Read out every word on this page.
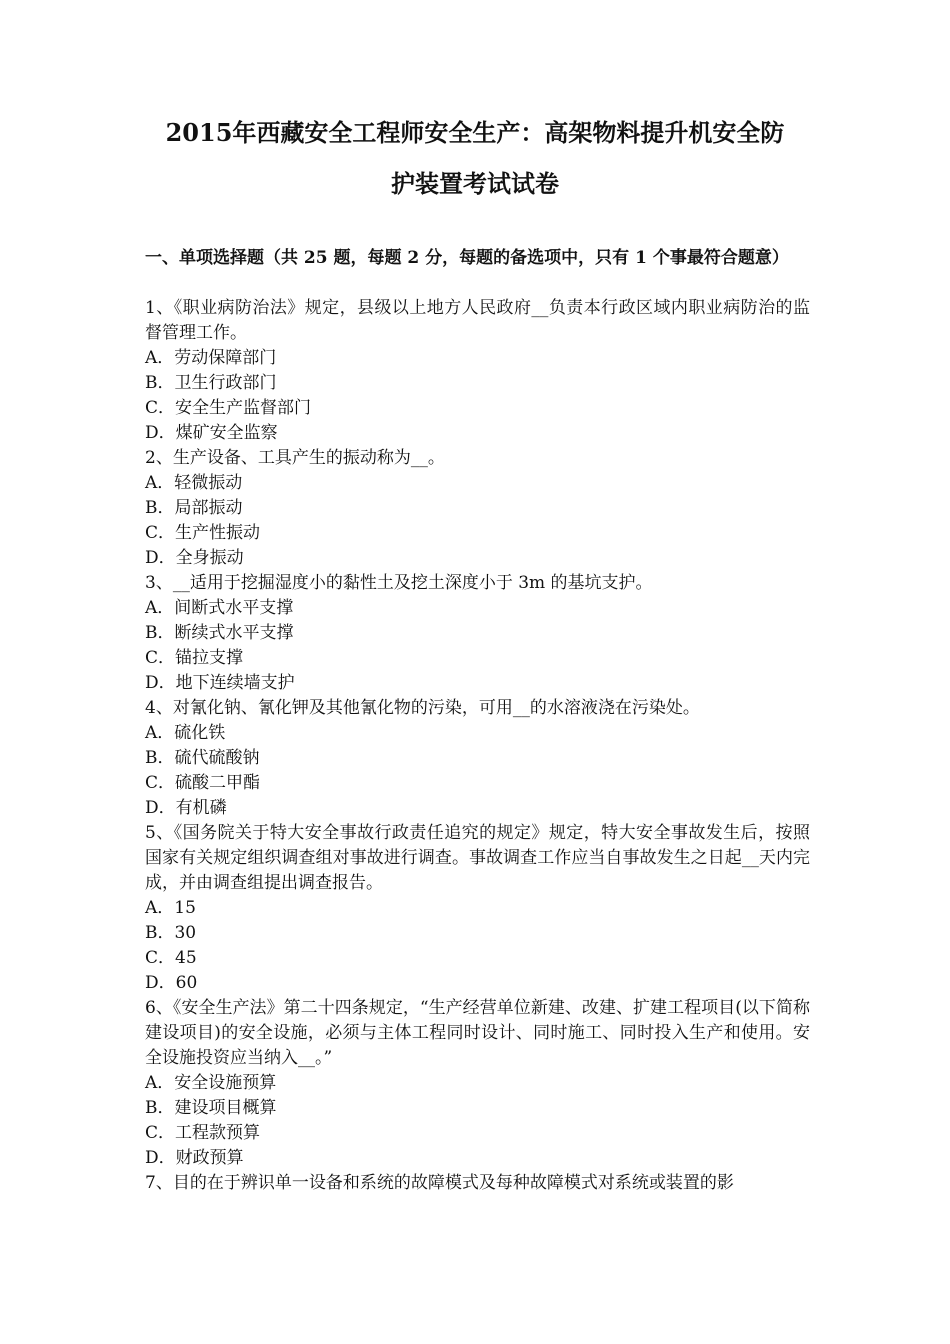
2015年西藏安全工程师安全生产：高架物料提升机安全防
护装置考试试卷
一、单项选择题（共 25 题，每题 2 分，每题的备选项中，只有 1 个事最符合题意）
1、《职业病防治法》规定，县级以上地方人民政府__负责本行政区域内职业病防治的监督管理工作。
A．劳动保障部门
B．卫生行政部门
C．安全生产监督部门
D．煤矿安全监察
2、生产设备、工具产生的振动称为__。
A．轻微振动
B．局部振动
C．生产性振动
D．全身振动
3、__适用于挖掘湿度小的黏性土及挖土深度小于 3m 的基坑支护。
A．间断式水平支撑
B．断续式水平支撑
C．锚拉支撑
D．地下连续墙支护
4、对氰化钠、氰化钾及其他氰化物的污染，可用__的水溶液浇在污染处。
A．硫化铁
B．硫代硫酸钠
C．硫酸二甲酯
D．有机磷
5、《国务院关于特大安全事故行政责任追究的规定》规定，特大安全事故发生后，按照国家有关规定组织调查组对事故进行调查。事故调查工作应当自事故发生之日起__天内完成，并由调查组提出调查报告。
A．15
B．30
C．45
D．60
6、《安全生产法》第二十四条规定，“生产经营单位新建、改建、扩建工程项目(以下简称建设项目)的安全设施，必须与主体工程同时设计、同时施工、同时投入生产和使用。安全设施投资应当纳入__。”
A．安全设施预算
B．建设项目概算
C．工程款预算
D．财政预算
7、目的在于辨识单一设备和系统的故障模式及每种故障模式对系统或装置的影
